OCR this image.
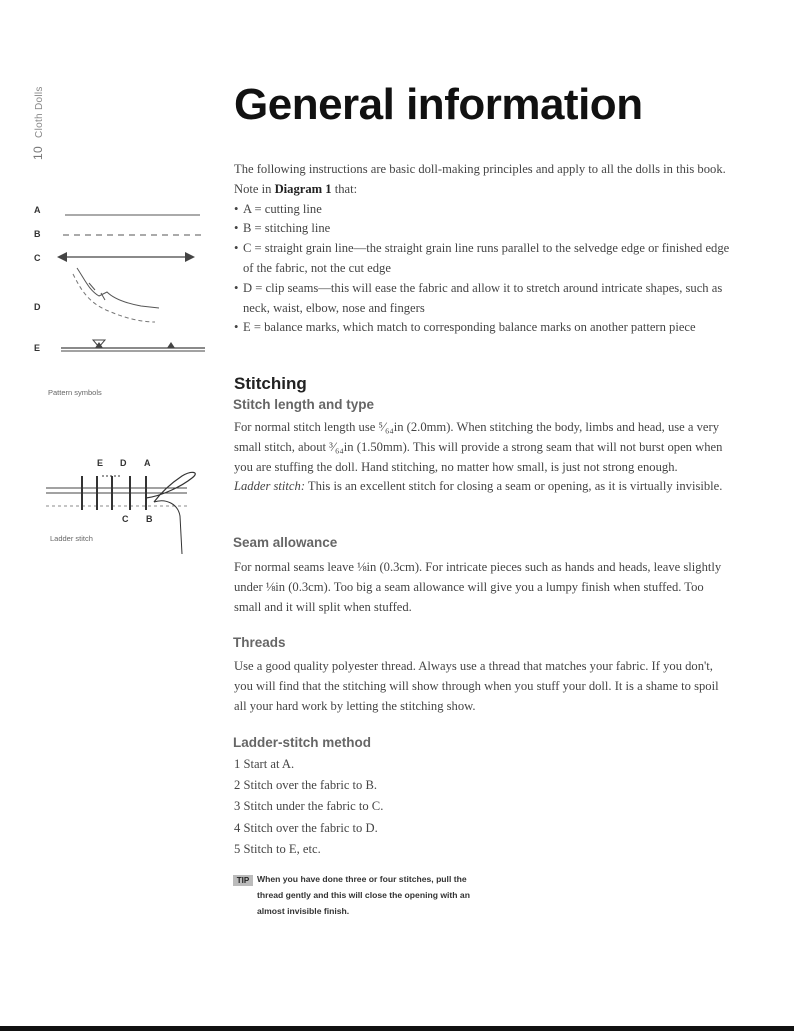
10 Cloth Dolls	General information

The following instructions are basic doll-making principles and apply to all the dolls in this book.

Note in Diagram 1 that:

• A = cutting line
• B = stitching line
• C = straight grain line—the straight grain line runs parallel to the selvedge edge or finished edge of the fabric, not the cut edge
• D = clip seams—this will ease the fabric and allow it to stretch around intricate shapes, such as neck, waist, elbow, nose and fingers
• E = balance marks, which match to corresponding balance marks on another pattern piece
A
B
C
D
E
Pattern symbols
E D A
C B
Ladder stitch
Stitching
Stitch length and type

For normal stitch length use ⁵⁄₆₄in (2.0mm). When stitching the body, limbs and head, use a very small stitch, about ³⁄₆₄in (1.50mm). This will provide a strong seam that will not burst open when you are stuffing the doll. Hand stitching, no matter how small, is just not strong enough.

Ladder stitch: This is an excellent stitch for closing a seam or opening, as it is virtually invisible.

Seam allowance

For normal seams leave ⅛in (0.3cm). For intricate pieces such as hands and heads, leave slightly under ⅛in (0.3cm). Too big a seam allowance will give you a lumpy finish when stuffed. Too small and it will split when stuffed.

Threads

Use a good quality polyester thread. Always use a thread that matches your fabric. If you don't, you will find that the stitching will show through when you stuff your doll. It is a shame to spoil all your hard work by letting the stitching show.

Ladder-stitch method

1 Start at A.

2 Stitch over the fabric to B.

3 Stitch under the fabric to C.

4 Stitch over the fabric to D.

5 Stitch to E, etc.

TIP When you have done three or four stitches, pull the thread gently and this will close the opening with an almost invisible finish.
